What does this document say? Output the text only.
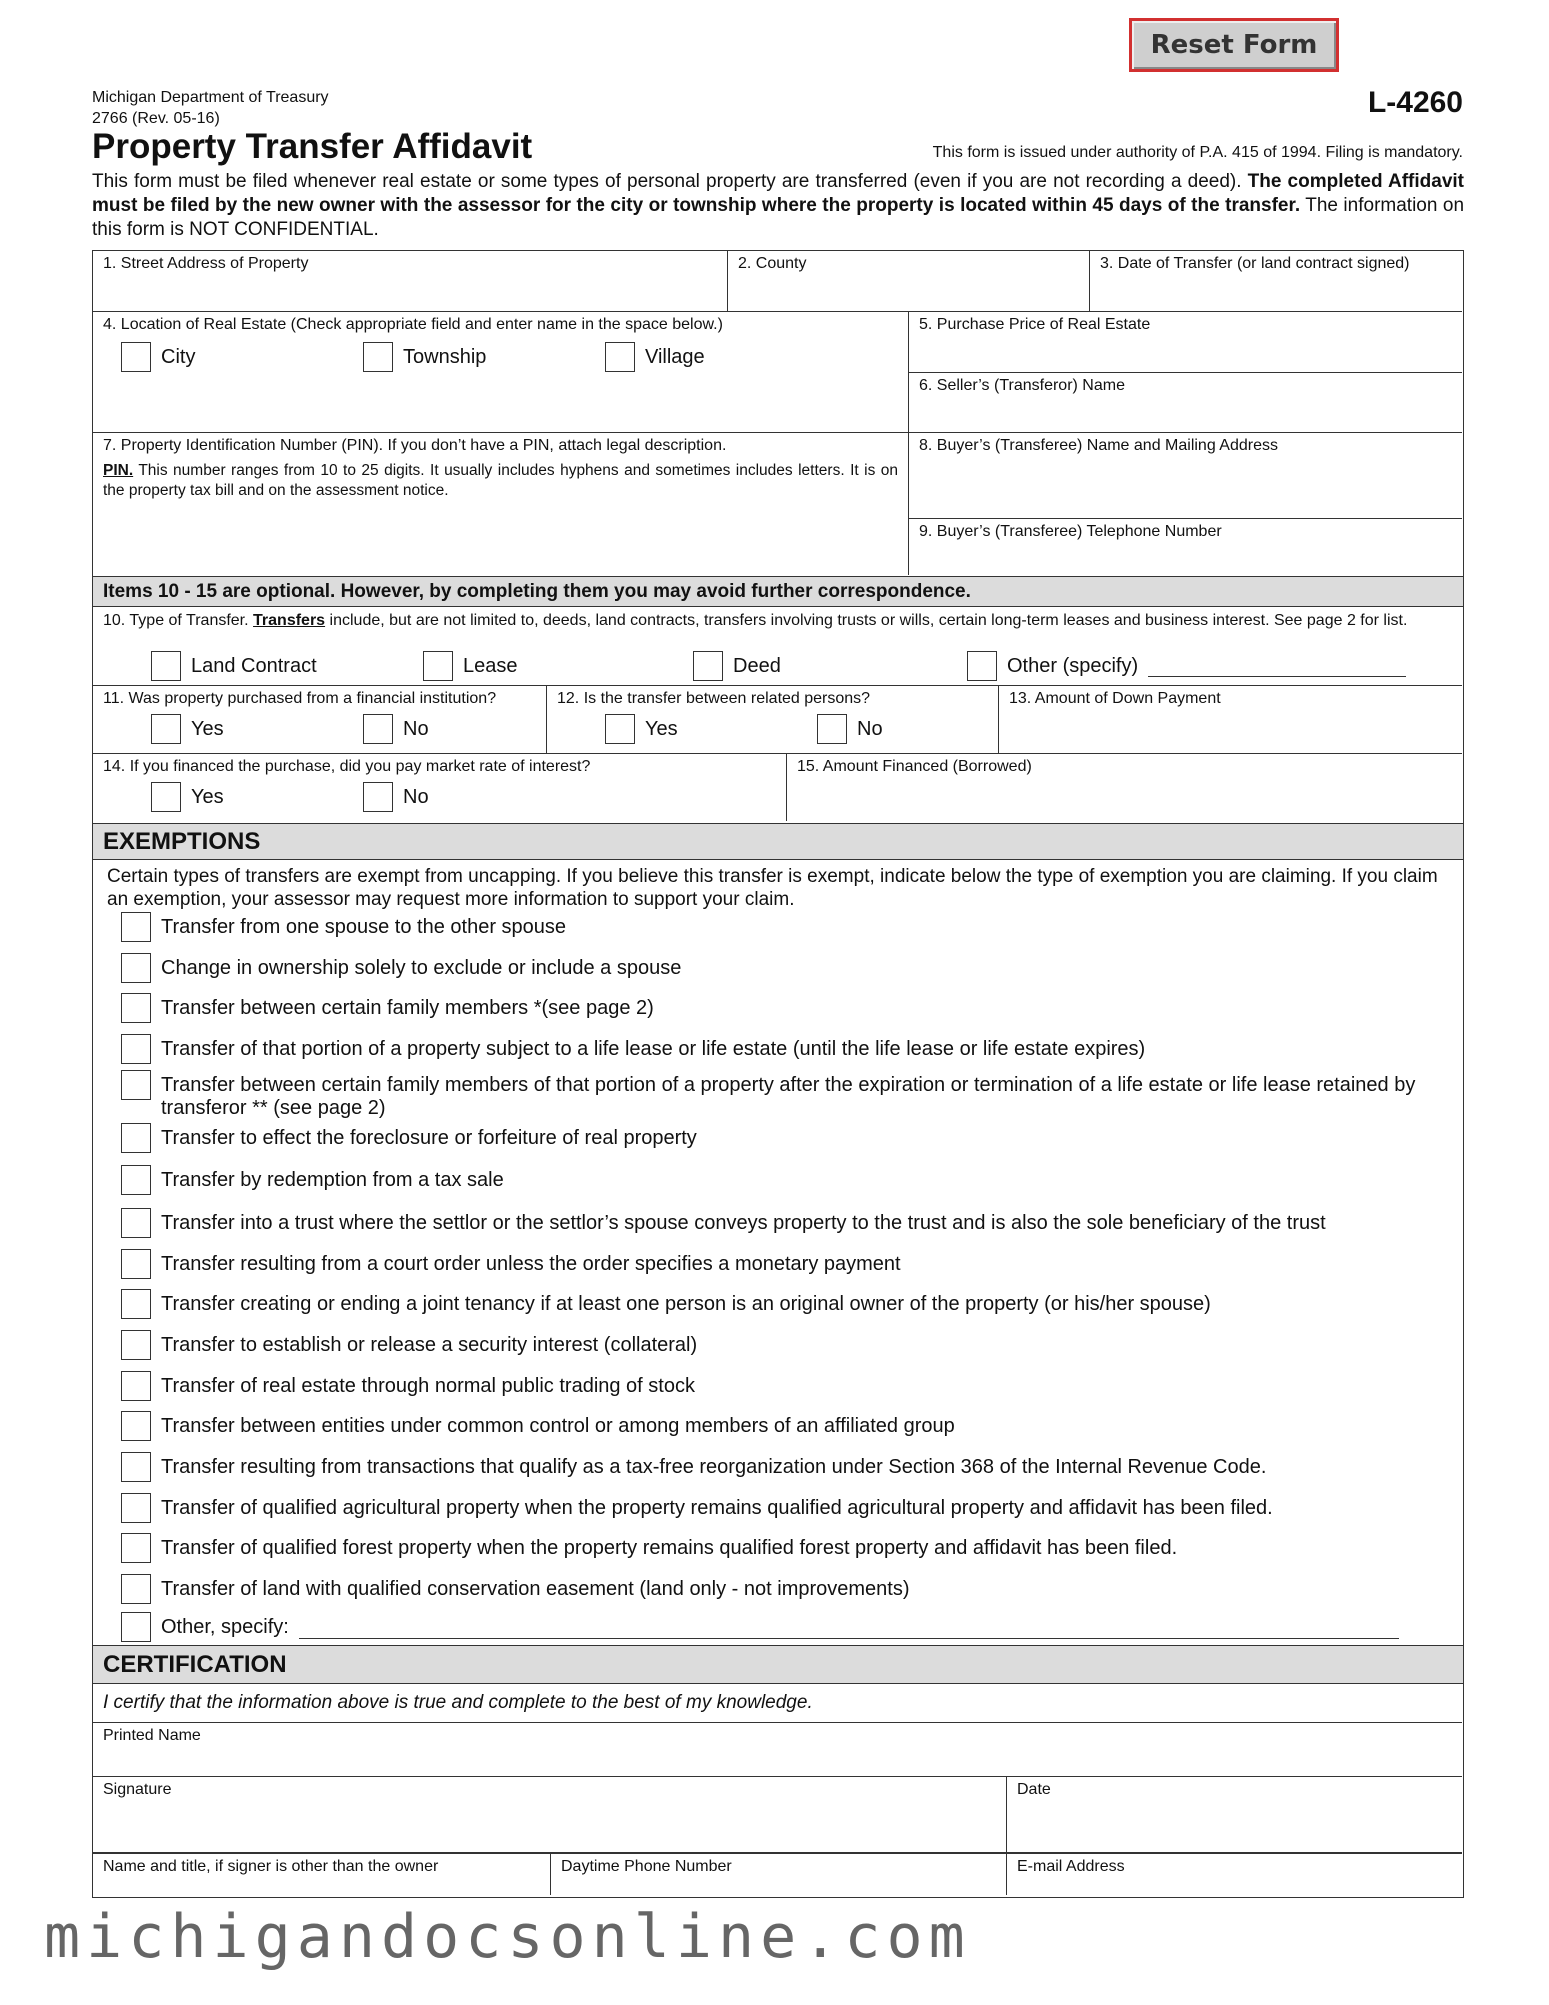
Reset Form
L-4260
Michigan Department of Treasury
2766 (Rev. 05-16)
Property Transfer Affidavit	This form is issued under authority of P.A. 415 of 1994. Filing is mandatory.
This form must be filed whenever real estate or some types of personal property are transferred (even if you are not recording a deed). The completed Affidavit must be filed by the new owner with the assessor for the city or township where the property is located within 45 days of the transfer. The information on this form is NOT CONFIDENTIAL.
1. Street Address of Property	2. County	3. Date of Transfer (or land contract signed)
4. Location of Real Estate (Check appropriate field and enter name in the space below.)
City	Township	Village
5. Purchase Price of Real Estate
6. Seller’s (Transferor) Name
7. Property Identification Number (PIN). If you don’t have a PIN, attach legal description.
PIN. This number ranges from 10 to 25 digits. It usually includes hyphens and sometimes includes letters. It is on the property tax bill and on the assessment notice.
8. Buyer’s (Transferee) Name and Mailing Address
9. Buyer’s (Transferee) Telephone Number
Items 10 - 15 are optional. However, by completing them you may avoid further correspondence.
10. Type of Transfer. Transfers include, but are not limited to, deeds, land contracts, transfers involving trusts or wills, certain long-term leases and business interest. See page 2 for list.
Land Contract	Lease	Deed	Other (specify)
11. Was property purchased from a financial institution?
Yes	No
12. Is the transfer between related persons?
Yes	No
13. Amount of Down Payment
14. If you financed the purchase, did you pay market rate of interest?
Yes	No
15. Amount Financed (Borrowed)
EXEMPTIONS
Certain types of transfers are exempt from uncapping. If you believe this transfer is exempt, indicate below the type of exemption you are claiming. If you claim an exemption, your assessor may request more information to support your claim.
Transfer from one spouse to the other spouse
Change in ownership solely to exclude or include a spouse
Transfer between certain family members *(see page 2)
Transfer of that portion of a property subject to a life lease or life estate (until the life lease or life estate expires)
Transfer between certain family members of that portion of a property after the expiration or termination of a life estate or life lease retained by transferor ** (see page 2)
Transfer to effect the foreclosure or forfeiture of real property
Transfer by redemption from a tax sale
Transfer into a trust where the settlor or the settlor’s spouse conveys property to the trust and is also the sole beneficiary of the trust
Transfer resulting from a court order unless the order specifies a monetary payment
Transfer creating or ending a joint tenancy if at least one person is an original owner of the property (or his/her spouse)
Transfer to establish or release a security interest (collateral)
Transfer of real estate through normal public trading of stock
Transfer between entities under common control or among members of an affiliated group
Transfer resulting from transactions that qualify as a tax-free reorganization under Section 368 of the Internal Revenue Code.
Transfer of qualified agricultural property when the property remains qualified agricultural property and affidavit has been filed.
Transfer of qualified forest property when the property remains qualified forest property and affidavit has been filed.
Transfer of land with qualified conservation easement (land only - not improvements)
Other, specify:
CERTIFICATION
I certify that the information above is true and complete to the best of my knowledge.
Printed Name
Signature	Date
Name and title, if signer is other than the owner	Daytime Phone Number	E-mail Address
michigandocsonline.com
